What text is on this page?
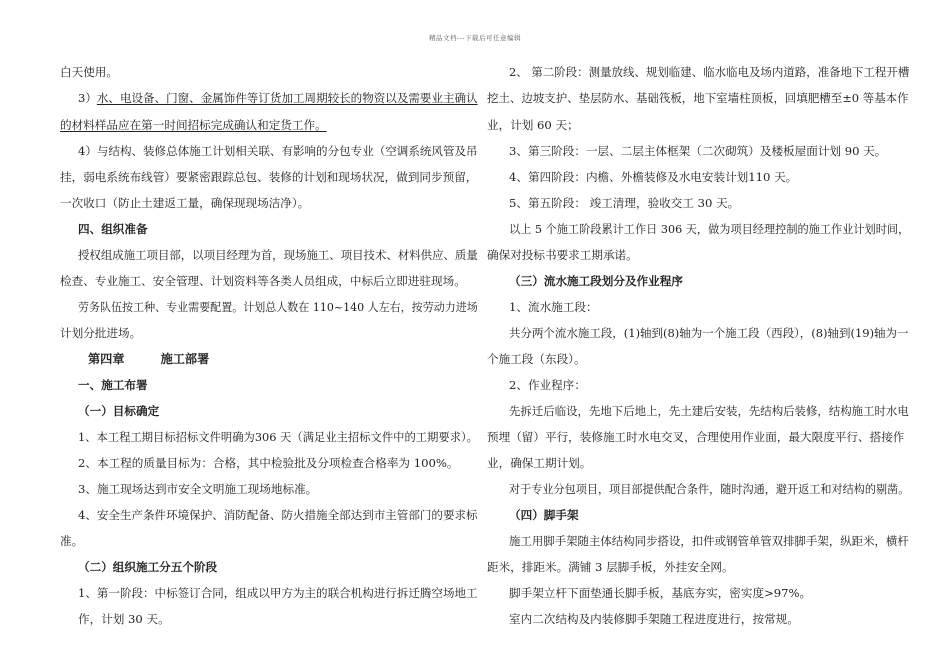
精品文档---下载后可任意编辑
白天使用。
3）水、电设备、门窗、金属饰件等订货加工周期较长的物资以及需要业主确认
的材料样品应在第一时间招标完成确认和定货工作。
4）与结构、装修总体施工计划相关联、有影响的分包专业（空调系统风管及吊
挂，弱电系统布线管）要紧密跟踪总包、装修的计划和现场状况，做到同步预留，
一次收口（防止土建返工量，确保现现场洁净）。
四、组织准备
授权组成施工项目部，以项目经理为首，现场施工、项目技术、材料供应、质量
检查、专业施工、安全管理、计划资料等各类人员组成，中标后立即进驻现场。
劳务队伍按工种、专业需要配置。计划总人数在 110~140 人左右，按劳动力进场
计划分批进场。
第四章	施工部署
一、施工布署
（一）目标确定
1、本工程工期目标招标文件明确为306 天（满足业主招标文件中的工期要求）。
2、本工程的质量目标为：合格，其中检验批及分项检查合格率为 100%。
3、施工现场达到市安全文明施工现场地标准。
4、安全生产条件环境保护、消防配备、防火措施全部达到市主管部门的要求标
准。
（二）组织施工分五个阶段
1、第一阶段：中标签订合同，组成以甲方为主的联合机构进行拆迁腾空场地工
作，计划 30 天。
2、 第二阶段：测量放线、规划临建、临水临电及场内道路，准备地下工程开槽
挖土、边坡支护、垫层防水、基础筏板，地下室墙柱顶板，回填肥槽至±0 等基本作
业，计划 60 天；
3、第三阶段：一层、二层主体框架（二次砌筑）及楼板屋面计划 90 天。
4、第四阶段：内檐、外檐装修及水电安装计划110 天。
5、第五阶段： 竣工清理，验收交工 30 天。
以上 5 个施工阶段累计工作日 306 天，做为项目经理控制的施工作业计划时间，
确保对投标书要求工期承诺。
（三）流水施工段划分及作业程序
1、流水施工段：
共分两个流水施工段，(1)轴到(8)轴为一个施工段（西段），(8)轴到(19)轴为一
个施工段（东段）。
2、作业程序：
先拆迁后临设，先地下后地上，先土建后安装，先结构后装修，结构施工时水电
预埋（留）平行，装修施工时水电交叉，合理使用作业面，最大限度平行、搭接作
业，确保工期计划。
对于专业分包项目，项目部提供配合条件，随时沟通，避开返工和对结构的剔凿。
（四）脚手架
施工用脚手架随主体结构同步搭设，扣件或钢管单管双排脚手架，纵距米，横杆
距米，排距米。满铺 3 层脚手板，外挂安全网。
脚手架立杆下面垫通长脚手板，基底夯实，密实度>97%。
室内二次结构及内装修脚手架随工程进度进行，按常规。
